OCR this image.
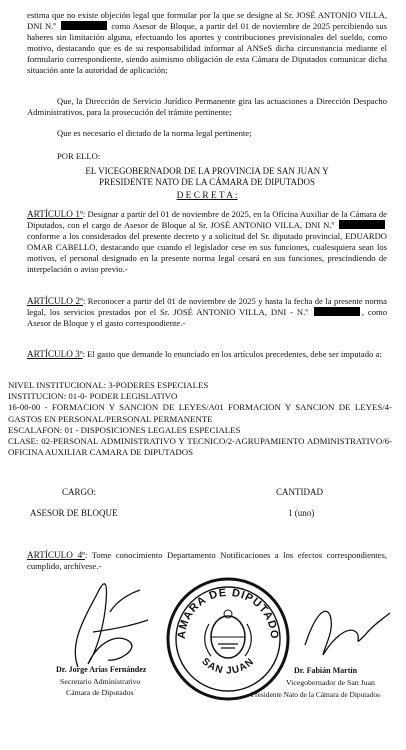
estima que no existe objeción legal que formular por la que se designe al Sr. JOSÉ ANTONIO VILLA, DNI N.º	como Asesor de Bloque, a partir del 01 de noviembre de 2025 percibiendo sus haberes sin limitación alguna, efectuando los aportes y contribuciones previsionales del sueldo, como motivo, destacando que es de su responsabilidad informar al ANSeS dicha circunstancia mediante el formulario correspondiente, siendo asimismo obligación de esta Cámara de Diputados comunicar dicha situación ante la autoridad de aplicación;

Que, la Dirección de Servicio Jurídico Permanente gira las actuaciones a Dirección Despacho Administrativos, para la prosecución del trámite pertinente;

Que es necesario el dictado de la norma legal pertinente;

POR ELLO:

EL VICEGOBERNADOR DE LA PROVINCIA DE SAN JUAN Y

PRESIDENTE NATO DE LA CÁMARA DE DIPUTADOS

D E C R E T A :

ARTÍCULO 1º: Designar a partir del 01 de noviembre de 2025, en la Oficina Auxiliar de la Cámara de Diputados, con el cargo de Asesor de Bloque al Sr. JOSÉ ANTONIO VILLA, DNI N.º  conforme a los considerados del presente decreto y a solicitud del Sr. diputado provincial, EDUARDO OMAR CABELLO, destacando que cuando el legislador cese en sus funciones, cualesquiera sean los motivos, el personal designado en la presente norma legal cesará en sus funciones, prescindiendo de interpelación o aviso previo.-

ARTÍCULO 2º: Reconocer a partir del 01 de noviembre de 2025 y hasta la fecha de la presente norma legal, los servicios prestados por el Sr. JOSÉ ANTONIO VILLA, DNI - N.º	, como Asesor de Bloque y el gasto correspondiente.-

ARTÍCULO 3º: El gasto que demande lo enunciado en los artículos precedentes, debe ser imputado a:

NIVEL INSTITUCIONAL: 3-PODERES ESPECIALES
INSTITUCION: 01-0- PODER LEGISLATIVO
16-00-00 - FORMACION Y SANCION DE LEYES/A01 FORMACION Y SANCION DE LEYES/4-GASTOS EN PERSONAL/PERSONAL PERMANENTE
ESCALAFON: 01 - DISPOSICIONES LEGALES ESPECIALES
CLASE: 02-PERSONAL ADMINISTRATIVO Y TECNICO/2-AGRUPAMIENTO ADMINISTRATIVO/6-OFICINA AUXILIAR CAMARA DE DIPUTADOS
CARGO:	CANTIDAD
ASESOR DE BLOQUE	1 (uno)

ARTÍCULO 4º: Tome conocimiento Departamento Notificaciones a los efectos correspondientes, cumplido, archívese.-	CAMARA DE DIPUTADOS
SAN JUAN
Dr. Jorge Arias Fernández
Secretario Administrativo
Cámara de Diputados
Dr. Fabián Martín
Vicegobernador de San Juan
Presidente Nato de la Cámara de Diputados
